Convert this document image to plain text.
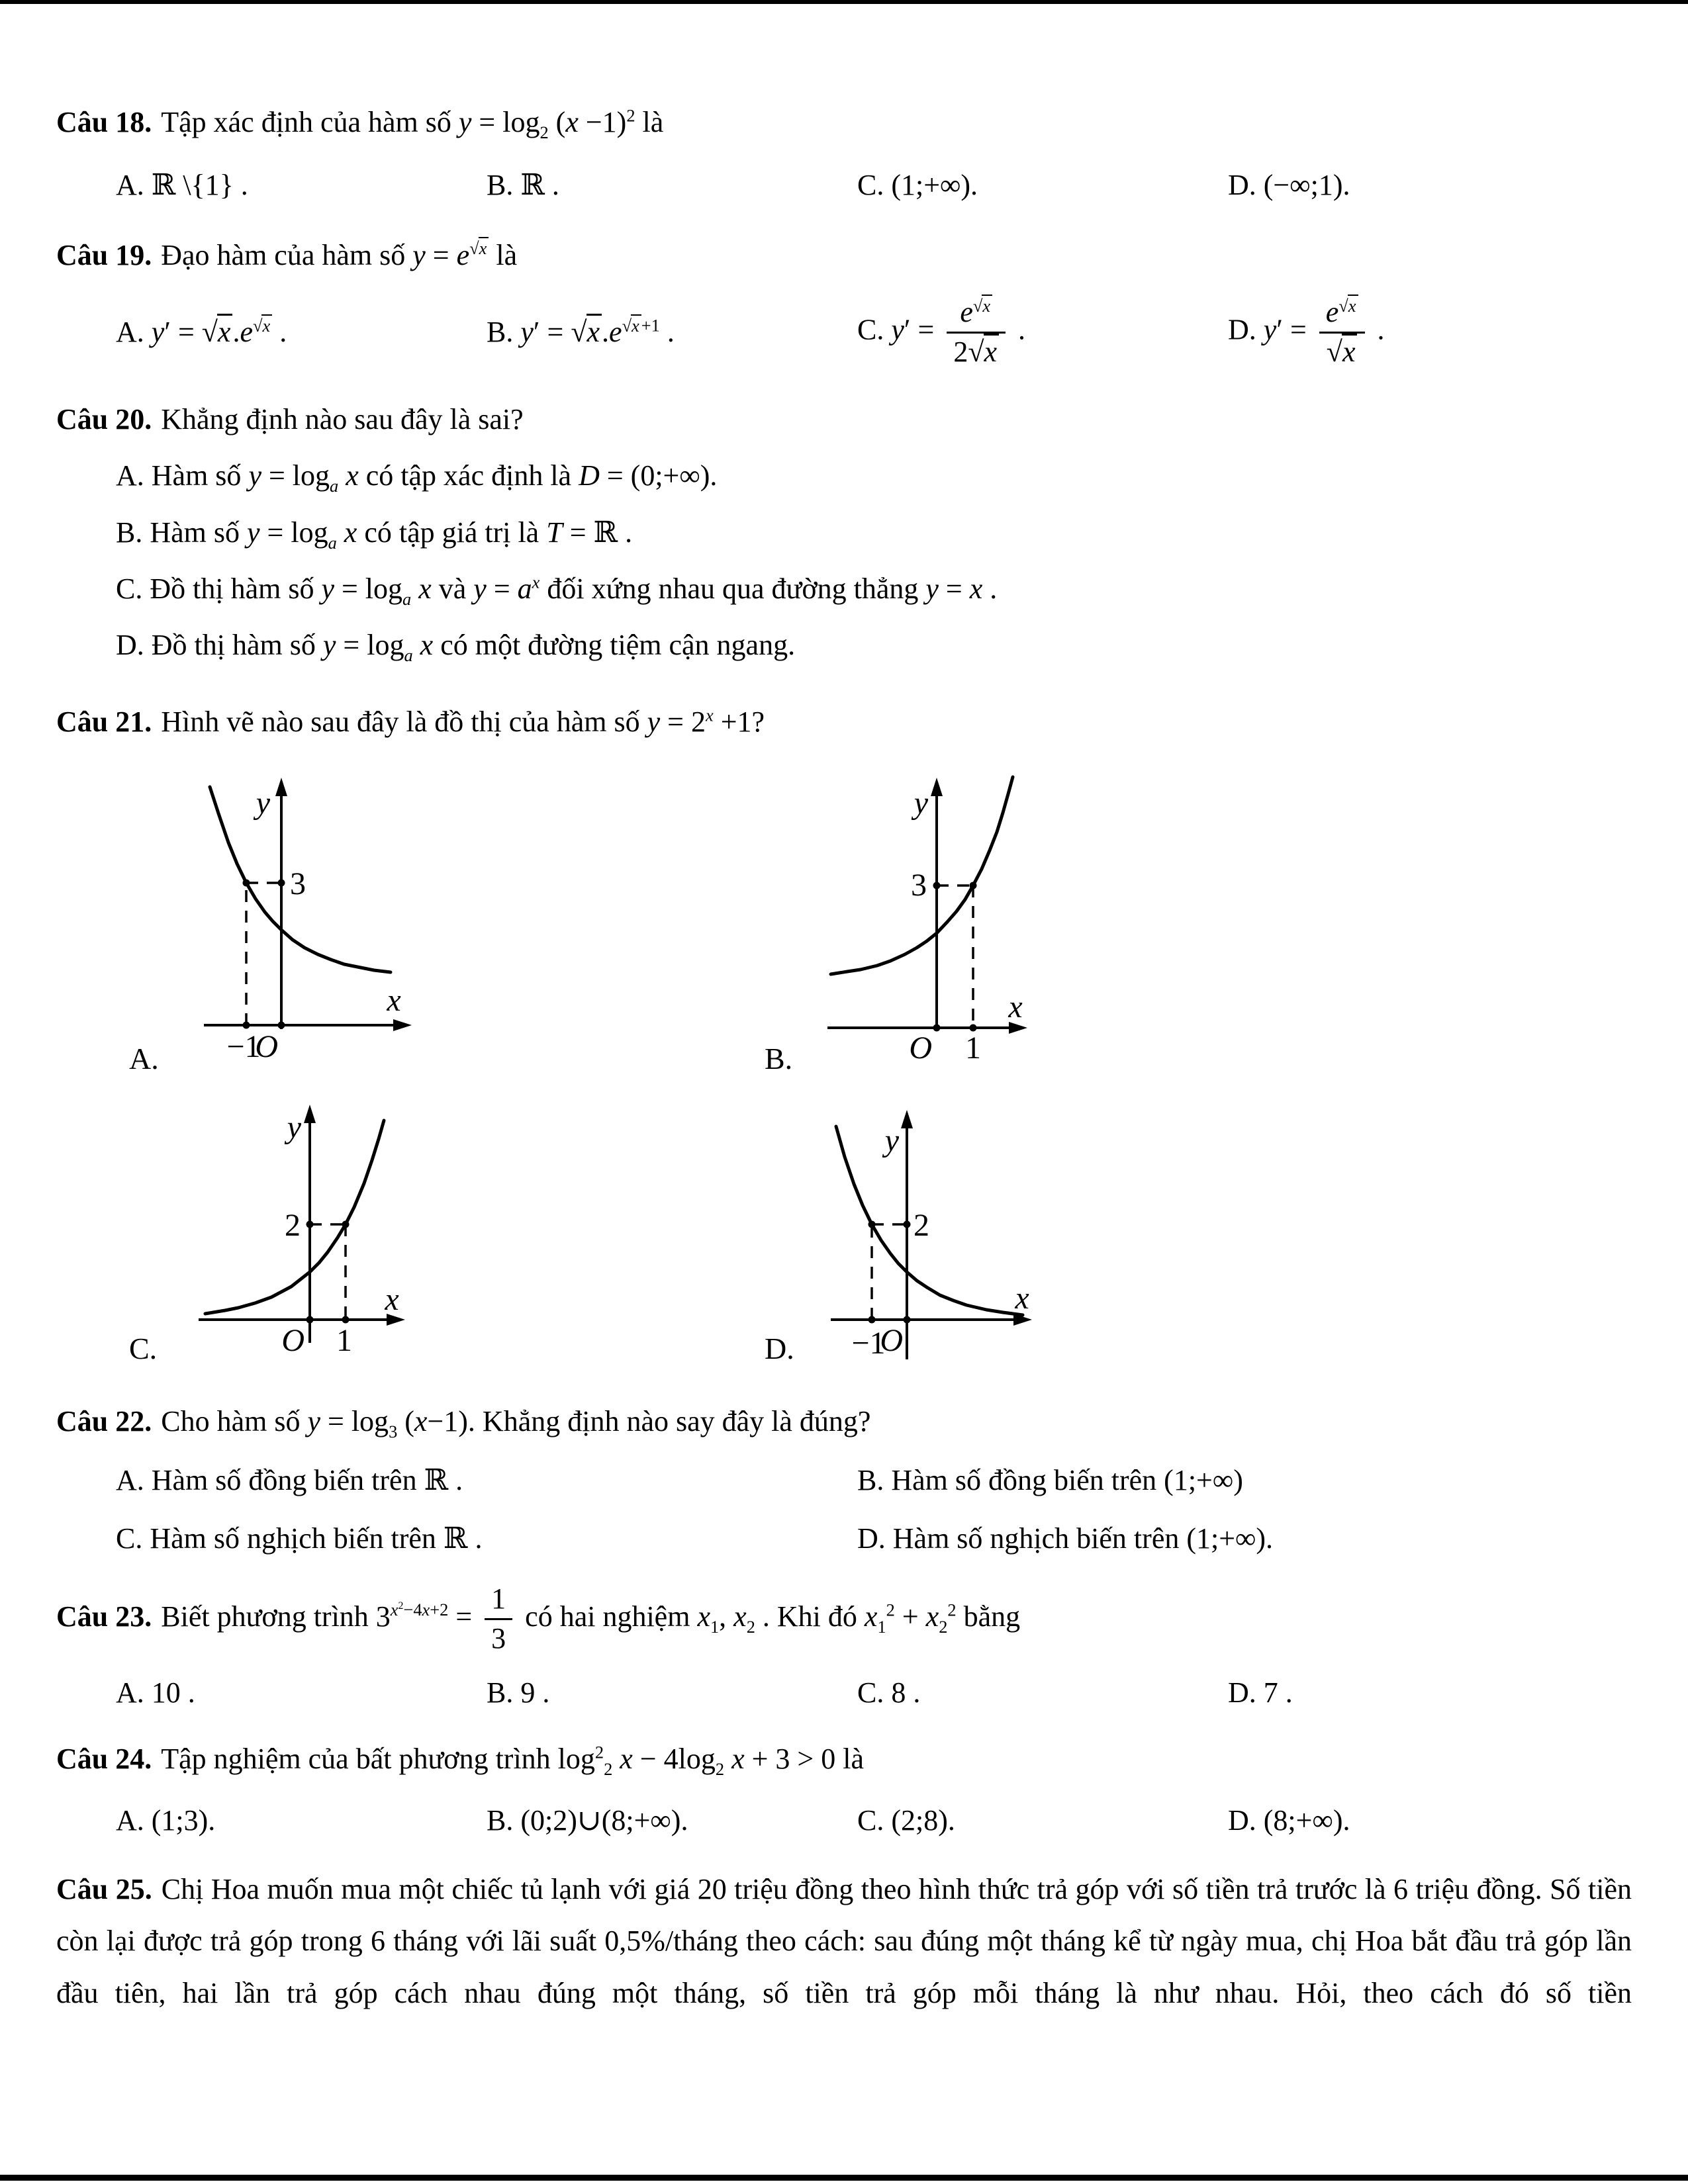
Câu 18. Tập xác định của hàm số $y = \log_2 (x -1)^2$ là
A. ℝ \{1} .	B. ℝ .	C. (1;+∞).	D. (−∞;1).
Câu 19. Đạo hàm của hàm số y = e √ $^x$ là
A. y′ = √ x.e √ $^x$ .	B. y′ = √ x.e √ $^{x +1}$ .	C. $y' = \frac{e √ ^x}{2 √ x}$ .	D. y′ = e √ $^x$
√ x .
Câu 20. Khẳng định nào sau đây là sai?
A. Hàm số $y = \log_a x$ có tập xác định là D = (0;+∞).
B. Hàm số $y = \log_a x$ có tập giá trị là T = ℝ .
C. Đồ thị hàm số $y = \log_a x$ và $y = a^x$ đối xứng nhau qua đường thẳng y = x .
D. Đồ thị hàm số $y = \log_a x$ có một đường tiệm cận ngang.
Câu 21. Hình vẽ nào sau đây là đồ thị của hàm số $y = 2^x +1$?
y
x
O
−1
3
A.
y
x
O 1
3
B.
y
x
O 1
2
C.
y
x
O
−1
2
D.
Câu 22. Cho hàm số $y = \log_3 (x-1)$. Khẳng định nào say đây là đúng?
A. Hàm số đồng biến trên ℝ .	B. Hàm số đồng biến trên (1;+∞)
C. Hàm số nghịch biến trên ℝ .	D. Hàm số nghịch biến trên (1;+∞).
Câu 23. Biết phương trình $3^{x^2-4x+2} = \frac{1}{3}$ có hai nghiệm $x_1$, $x_2$ . Khi đó $x_1^2 + x_2^2$ bằng
A. 10 .	B. 9 .	C. 8 .	D. 7 .
Câu 24. Tập nghiệm của bất phương trình $\log^2_2 x - 4\log_2$ x + 3 > 0 là
A. (1;3).	B. (0;2)∪(8;+∞).	C. (2;8).	D. (8;+∞).

Câu 25. Chị Hoa muốn mua một chiếc tủ lạnh với giá 20 triệu đồng theo hình thức trả góp với số tiền trả trước là 6 triệu đồng. Số tiền còn lại được trả góp trong 6 tháng với lãi suất 0,5%/tháng theo cách: sau đúng một tháng kể từ ngày mua, chị Hoa bắt đầu trả góp lần đầu tiên, hai lần trả góp cách nhau đúng một tháng, số tiền trả góp mỗi tháng là như nhau. Hỏi, theo cách đó số tiền
